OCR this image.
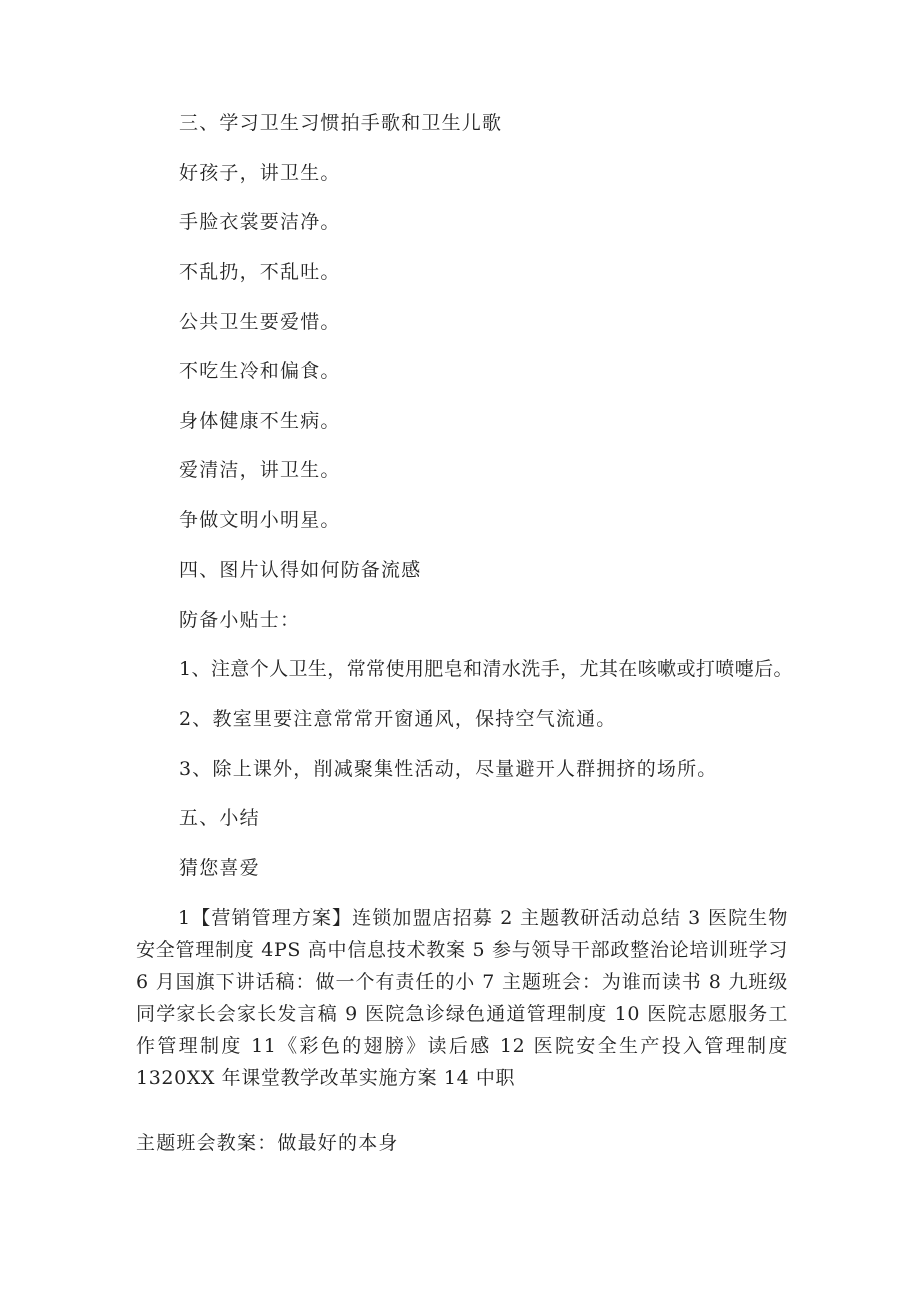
三、学习卫生习惯拍手歌和卫生儿歌
好孩子，讲卫生。
手脸衣裳要洁净。
不乱扔，不乱吐。
公共卫生要爱惜。
不吃生冷和偏食。
身体健康不生病。
爱清洁，讲卫生。
争做文明小明星。
四、图片认得如何防备流感
防备小贴士：
1、注意个人卫生，常常使用肥皂和清水洗手，尤其在咳嗽或打喷嚏后。
2、教室里要注意常常开窗通风，保持空气流通。
3、除上课外，削减聚集性活动，尽量避开人群拥挤的场所。
五、小结
猜您喜爱
1【营销管理方案】连锁加盟店招募 2 主题教研活动总结 3 医院生物安全管理制度 4PS 高中信息技术教案 5 参与领导干部政整治论培训班学习 6 月国旗下讲话稿：做一个有责任的小 7 主题班会：为谁而读书 8 九班级同学家长会家长发言稿 9 医院急诊绿色通道管理制度 10 医院志愿服务工作管理制度 11《彩色的翅膀》读后感 12 医院安全生产投入管理制度 1320XX 年课堂教学改革实施方案 14 中职
主题班会教案：做最好的本身
